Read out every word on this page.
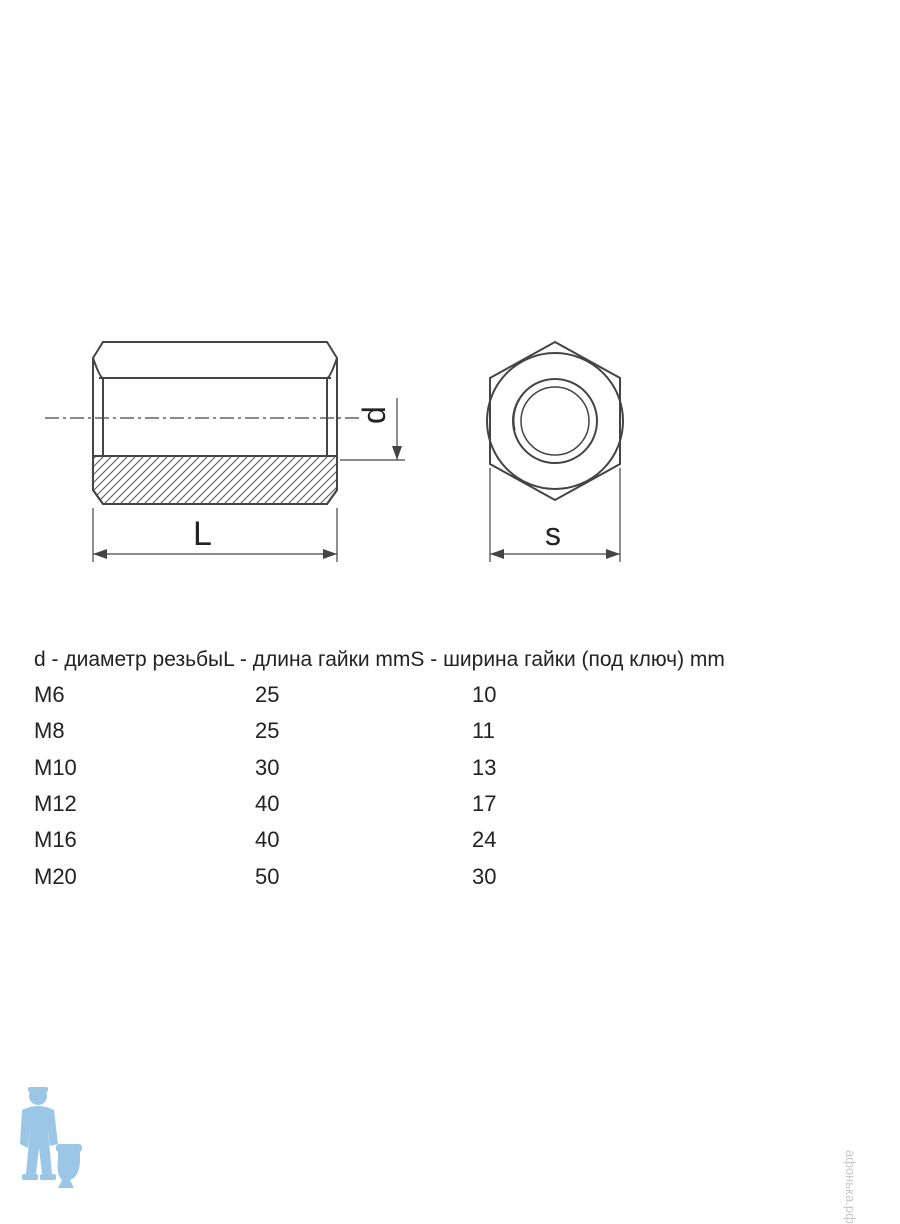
d
L	s
d - диаметр резьбыL - длина гайки mmS - ширина гайки (под ключ) mm
M6	25	10
M8	25	11
M10	30	13
M12	40	17
M16	40	24
M20	50	30
афонька.рф
